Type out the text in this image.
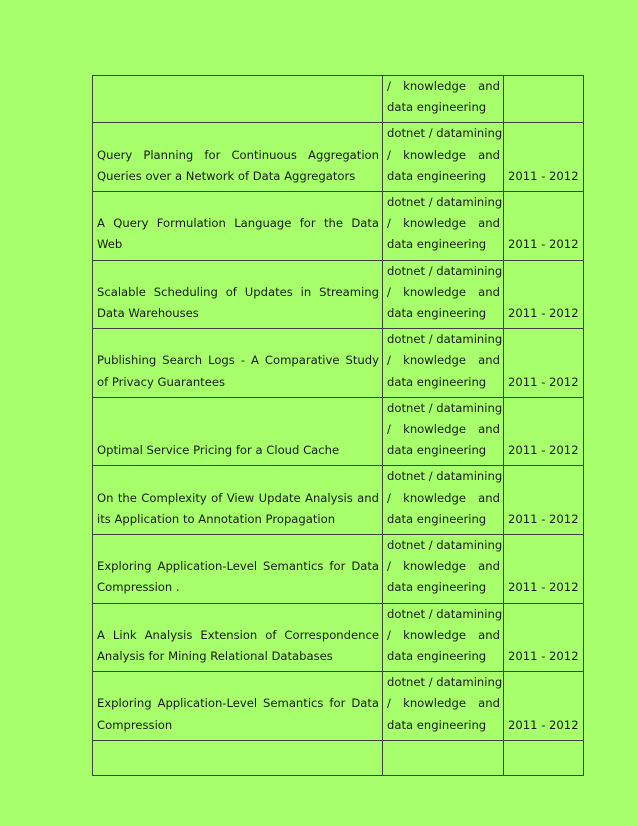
	/ knowledge and
data engineering	

Query Planning for Continuous Aggregation Queries over a Network of Data Aggregators	dotnet / datamining
/ knowledge and
data engineering	2011 - 2012

A Query Formulation Language for the Data Web	dotnet / datamining
/ knowledge and
data engineering	2011 - 2012

Scalable Scheduling of Updates in Streaming Data Warehouses	dotnet / datamining
/ knowledge and
data engineering	2011 - 2012

Publishing Search Logs - A Comparative Study of Privacy Guarantees	dotnet / datamining
/ knowledge and
data engineering	2011 - 2012

Optimal Service Pricing for a Cloud Cache	dotnet / datamining
/ knowledge and
data engineering	2011 - 2012

On the Complexity of View Update Analysis and its Application to Annotation Propagation	dotnet / datamining
/ knowledge and
data engineering	2011 - 2012

Exploring Application-Level Semantics for Data Compression .	dotnet / datamining
/ knowledge and
data engineering	2011 - 2012

A Link Analysis Extension of Correspondence Analysis for Mining Relational Databases	dotnet / datamining
/ knowledge and
data engineering	2011 - 2012

Exploring Application-Level Semantics for Data Compression	dotnet / datamining
/ knowledge and
data engineering	2011 - 2012
